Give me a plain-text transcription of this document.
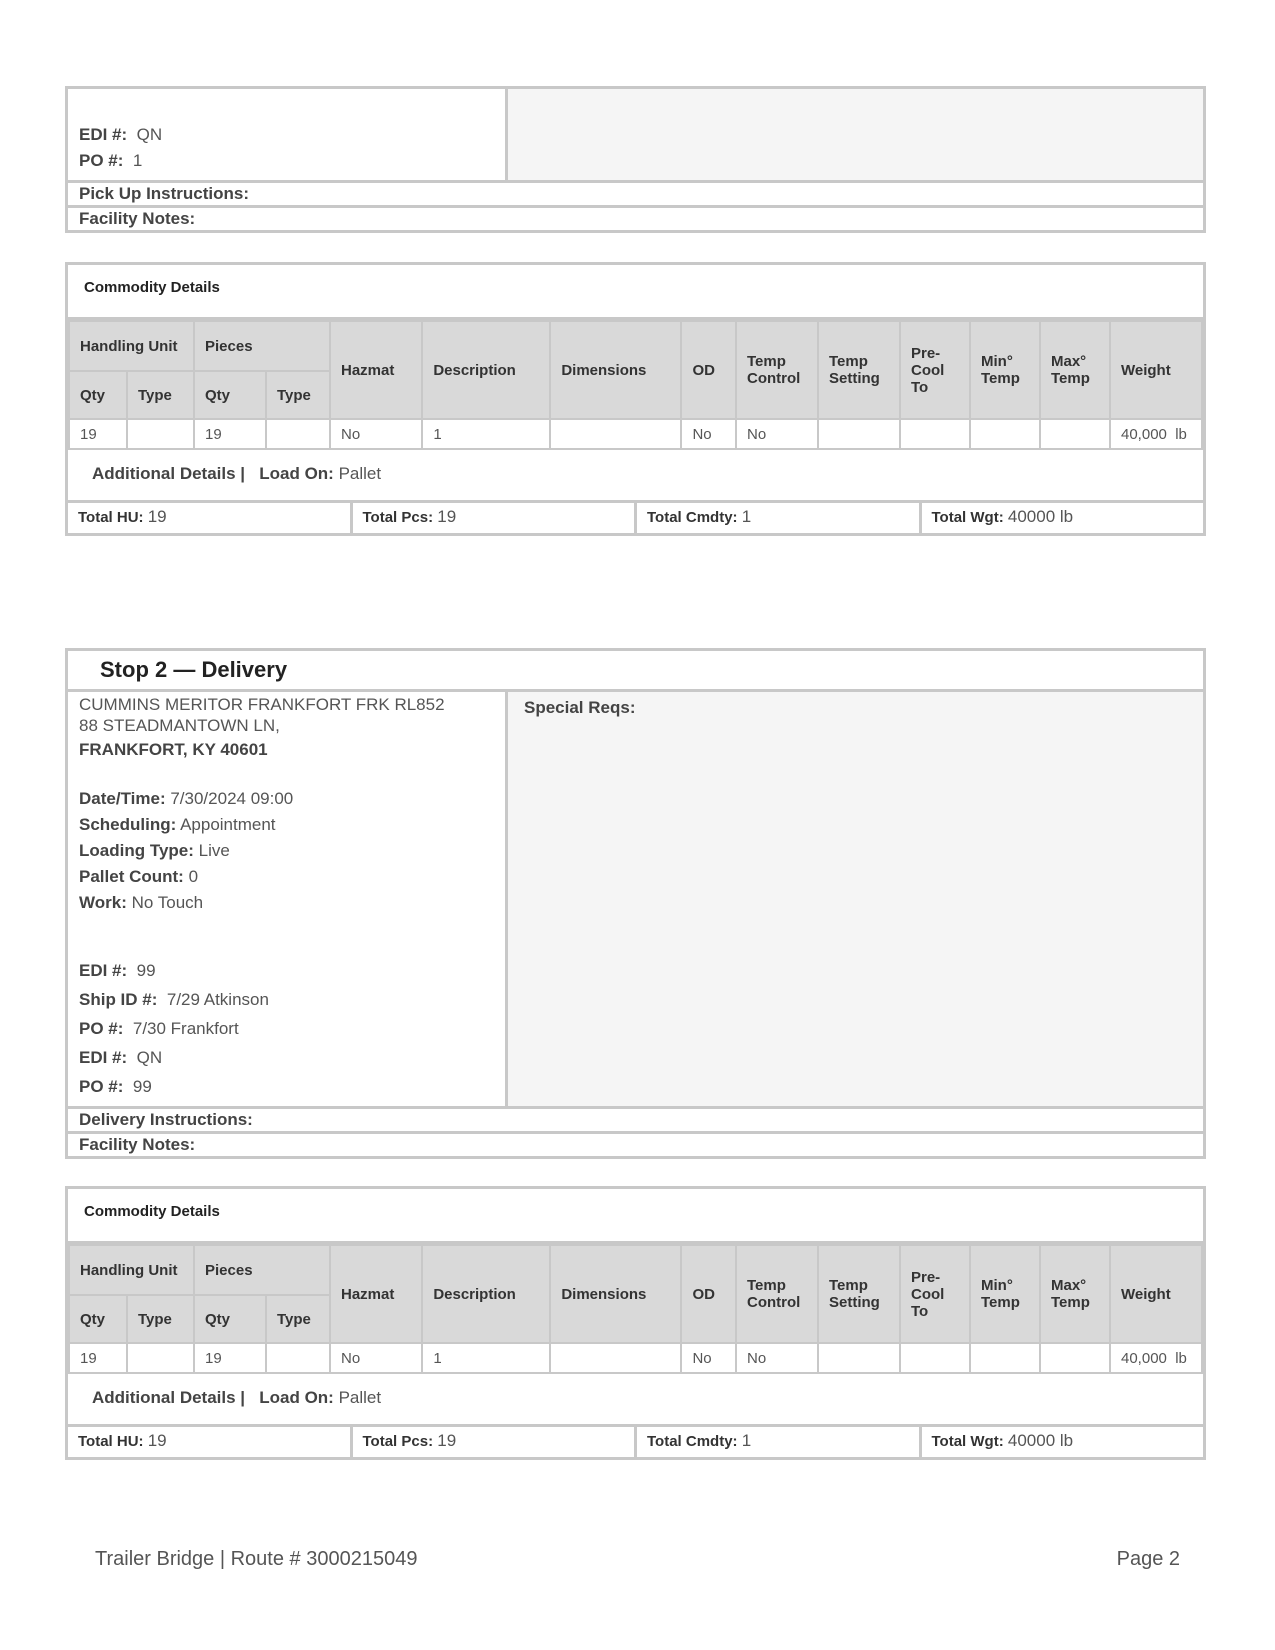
EDI #: QN
PO #: 1
Pick Up Instructions:
Facility Notes:
Commodity Details
Handling Unit		Pieces		Hazmat	Description	Dimensions	OD	Temp Control	Temp Setting	Pre-Cool To	Min° Temp	Max° Temp	Weight
Qty	Type	Qty	Type										
19		19		No	1		No	No					40,000  lb
Additional Details | Load On: Pallet
Total HU: 19	Total Pcs: 19	Total Cmdty: 1	Total Wgt: 40000 lb
Stop 2 — Delivery
CUMMINS MERITOR FRANKFORT FRK RL852
88 STEADMANTOWN LN,
FRANKFORT, KY 40601
Date/Time: 7/30/2024 09:00
Scheduling: Appointment
Loading Type: Live
Pallet Count: 0
Work: No Touch
EDI #: 99
Ship ID #: 7/29 Atkinson
PO #: 7/30 Frankfort
EDI #: QN
PO #: 99
Special Reqs:
Delivery Instructions:
Facility Notes:
Commodity Details
Handling Unit		Pieces		Hazmat	Description	Dimensions	OD	Temp Control	Temp Setting	Pre-Cool To	Min° Temp	Max° Temp	Weight
Qty	Type	Qty	Type										
19		19		No	1		No	No					40,000  lb
Additional Details | Load On: Pallet
Total HU: 19	Total Pcs: 19	Total Cmdty: 1	Total Wgt: 40000 lb
Trailer Bridge | Route # 3000215049	Page 2
